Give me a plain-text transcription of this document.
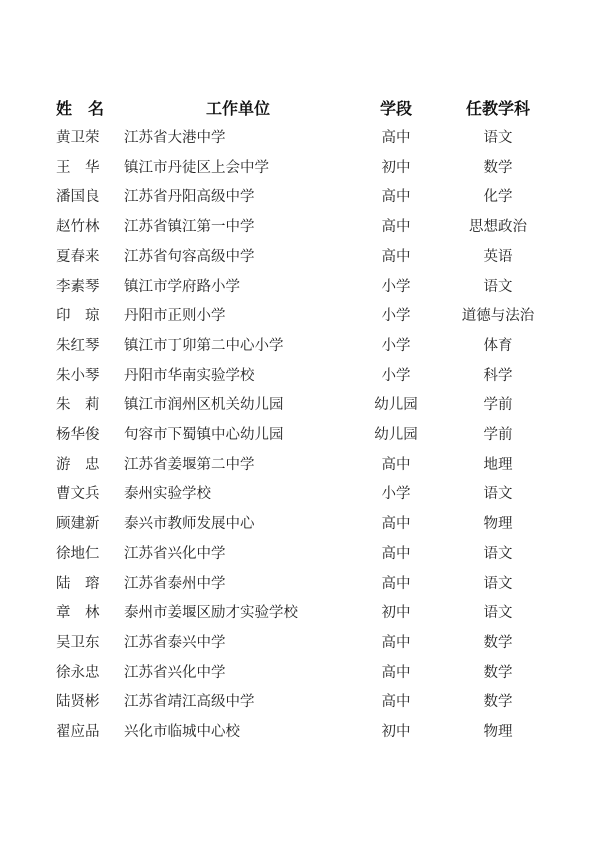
姓　名	工作单位	学段	任教学科
黄卫荣	江苏省大港中学	高中	语文
王　华	镇江市丹徒区上会中学	初中	数学
潘国良	江苏省丹阳高级中学	高中	化学
赵竹林	江苏省镇江第一中学	高中	思想政治
夏春来	江苏省句容高级中学	高中	英语
李素琴	镇江市学府路小学	小学	语文
印　琼	丹阳市正则小学	小学	道德与法治
朱红琴	镇江市丁卯第二中心小学	小学	体育
朱小琴	丹阳市华南实验学校	小学	科学
朱　莉	镇江市润州区机关幼儿园	幼儿园	学前
杨华俊	句容市下蜀镇中心幼儿园	幼儿园	学前
游　忠	江苏省姜堰第二中学	高中	地理
曹文兵	泰州实验学校	小学	语文
顾建新	泰兴市教师发展中心	高中	物理
徐地仁	江苏省兴化中学	高中	语文
陆　瑢	江苏省泰州中学	高中	语文
章　林	泰州市姜堰区励才实验学校	初中	语文
吴卫东	江苏省泰兴中学	高中	数学
徐永忠	江苏省兴化中学	高中	数学
陆贤彬	江苏省靖江高级中学	高中	数学
翟应品	兴化市临城中心校	初中	物理
